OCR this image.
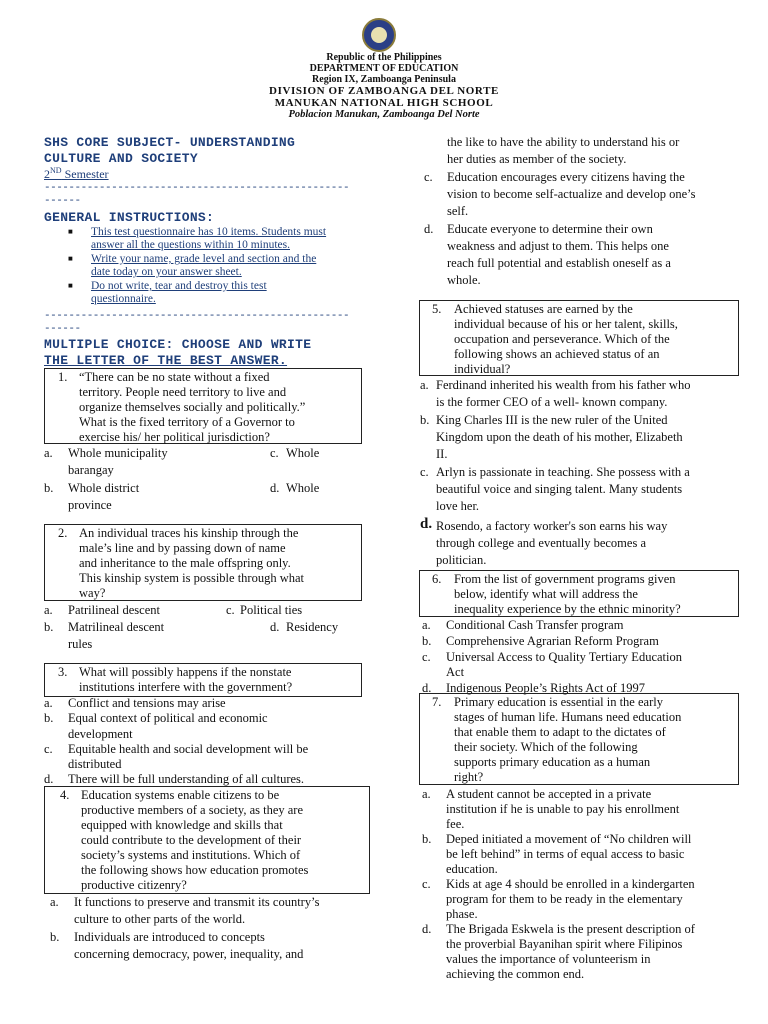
Republic of the Philippines
DEPARTMENT OF EDUCATION
Region IX, Zamboanga Peninsula
DIVISION OF ZAMBOANGA DEL NORTE
MANUKAN NATIONAL HIGH SCHOOL
Poblacion Manukan, Zamboanga Del Norte
SHS CORE SUBJECT- UNDERSTANDING
CULTURE AND SOCIETY
2ND Semester
--------------------------------------------------
------
GENERAL INSTRUCTIONS:
■ This test questionnaire has 10 items. Students must
answer all the questions within 10 minutes.
■ Write your name, grade level and section and the
date today on your answer sheet.
■ Do not write, tear and destroy this test
questionnaire.
--------------------------------------------------
------
MULTIPLE CHOICE: CHOOSE AND WRITE
THE LETTER OF THE BEST ANSWER.
1. “There can be no state without a fixed
territory. People need territory to live and
organize themselves socially and politically.”
What is the fixed territory of a Governor to
exercise his/ her political jurisdiction?
a. Whole municipality
barangay
c. Whole
b. Whole district
province
d. Whole
2. An individual traces his kinship through the
male’s line and by passing down of name
and inheritance to the male offspring only.
This kinship system is possible through what
way?
a. Patrilineal descent	c. Political ties
b. Matrilineal descent
rules
d. Residency
3. What will possibly happens if the nonstate
institutions interfere with the government?
a. Conflict and tensions may arise
b. Equal context of political and economic
development
c. Equitable health and social development will be
distributed
d. There will be full understanding of all cultures.
4. Education systems enable citizens to be
productive members of a society, as they are
equipped with knowledge and skills that
could contribute to the development of their
society’s systems and institutions. Which of
the following shows how education promotes
productive citizenry?
a. It functions to preserve and transmit its country’s
culture to other parts of the world.
b. Individuals are introduced to concepts
concerning democracy, power, inequality, and
the like to have the ability to understand his or
her duties as member of the society.
c. Education encourages every citizens having the
vision to become self-actualize and develop one’s
self.
d. Educate everyone to determine their own
weakness and adjust to them. This helps one
reach full potential and establish oneself as a
whole.
5. Achieved statuses are earned by the
individual because of his or her talent, skills,
occupation and perseverance. Which of the
following shows an achieved status of an
individual?
a. Ferdinand inherited his wealth from his father who
is the former CEO of a well- known company.
b. King Charles III is the new ruler of the United
Kingdom upon the death of his mother, Elizabeth
II.
c. Arlyn is passionate in teaching. She possess with a
beautiful voice and singing talent. Many students
love her.
d. Rosendo, a factory worker's son earns his way
through college and eventually becomes a
politician.
6. From the list of government programs given
below, identify what will address the
inequality experience by the ethnic minority?
a. Conditional Cash Transfer program
b. Comprehensive Agrarian Reform Program
c. Universal Access to Quality Tertiary Education
Act
d. Indigenous People’s Rights Act of 1997
7. Primary education is essential in the early
stages of human life. Humans need education
that enable them to adapt to the dictates of
their society. Which of the following
supports primary education as a human
right?
a. A student cannot be accepted in a private
institution if he is unable to pay his enrollment
fee.
b. Deped initiated a movement of “No children will
be left behind” in terms of equal access to basic
education.
c. Kids at age 4 should be enrolled in a kindergarten
program for them to be ready in the elementary
phase.
d. The Brigada Eskwela is the present description of
the proverbial Bayanihan spirit where Filipinos
values the importance of volunteerism in
achieving the common end.
